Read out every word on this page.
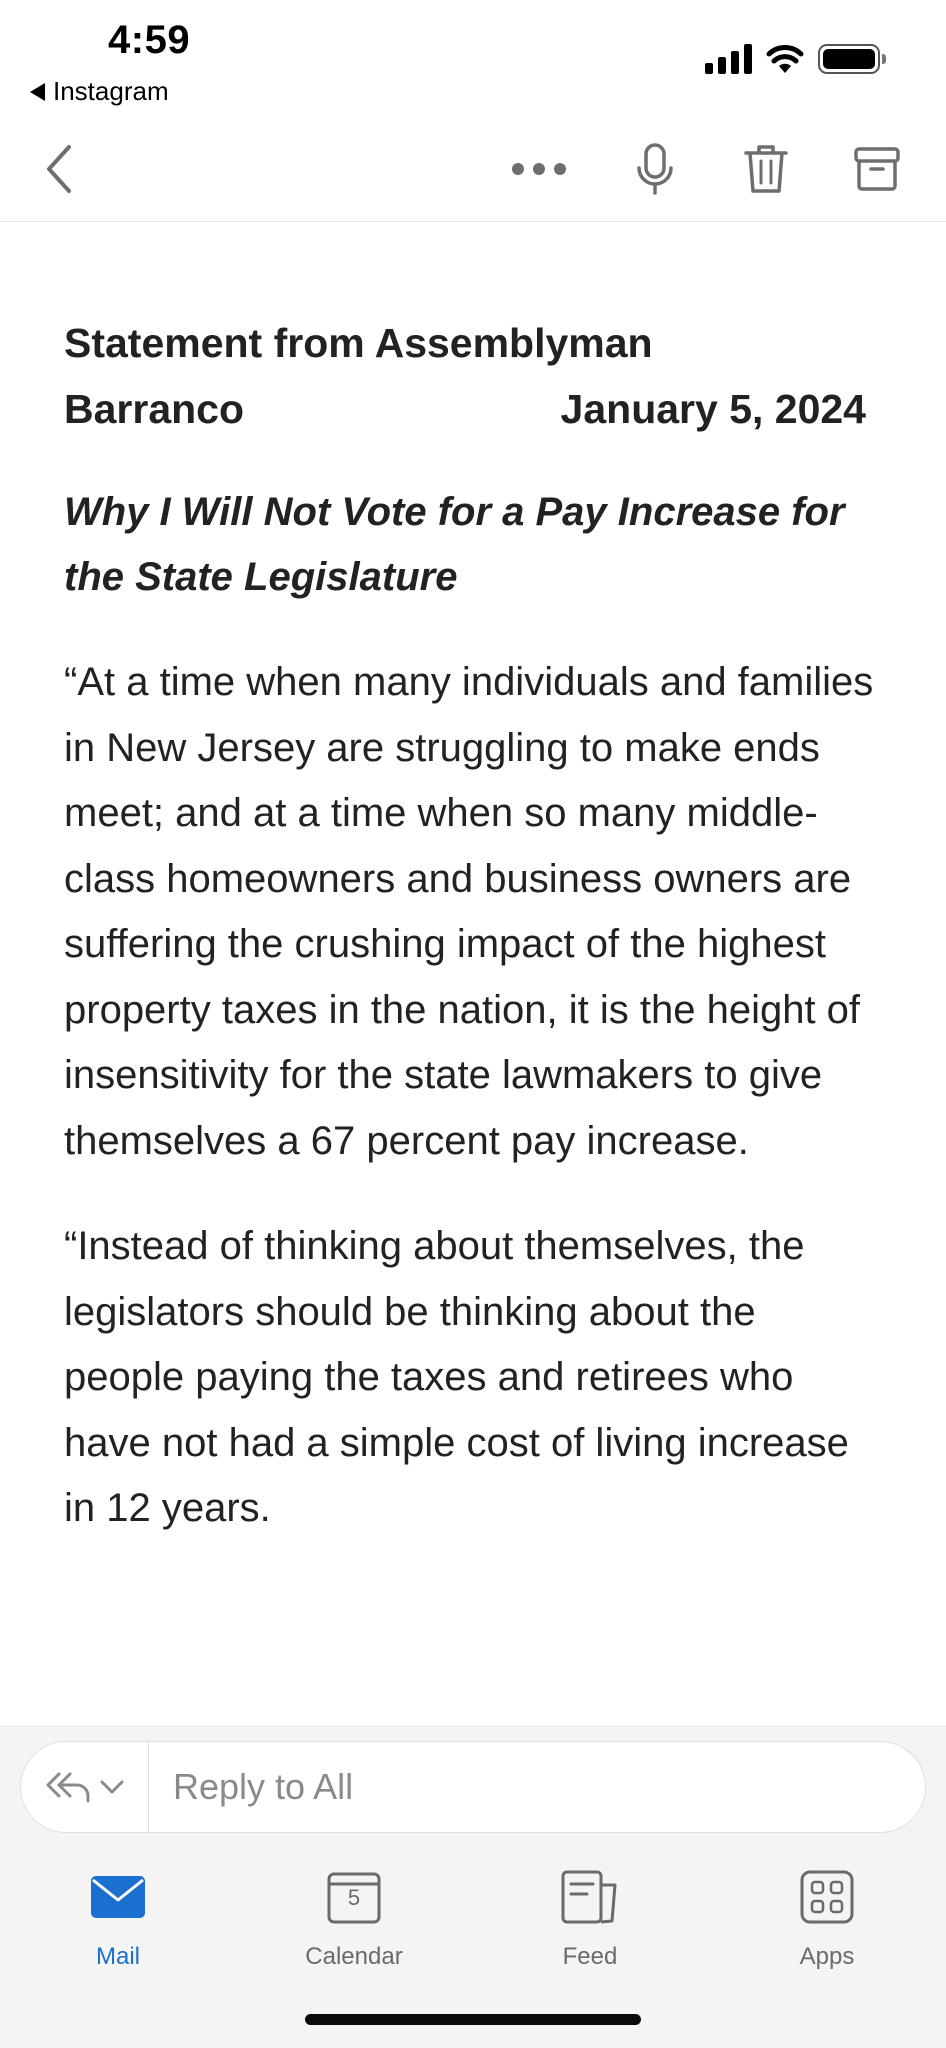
4:59
Instagram
Statement from Assemblyman
Barranco	January 5, 2024
Why I Will Not Vote for a Pay Increase for the State Legislature

“At a time when many individuals and families in New Jersey are struggling to make ends meet; and at a time when so many middle-class homeowners and business owners are suffering the crushing impact of the highest property taxes in the nation, it is the height of insensitivity for the state lawmakers to give themselves a 67 percent pay increase.

“Instead of thinking about themselves, the legislators should be thinking about the people paying the taxes and retirees who have not had a simple cost of living increase in 12 years.

Reply to All
Mail
5
Calendar	Feed	Apps
